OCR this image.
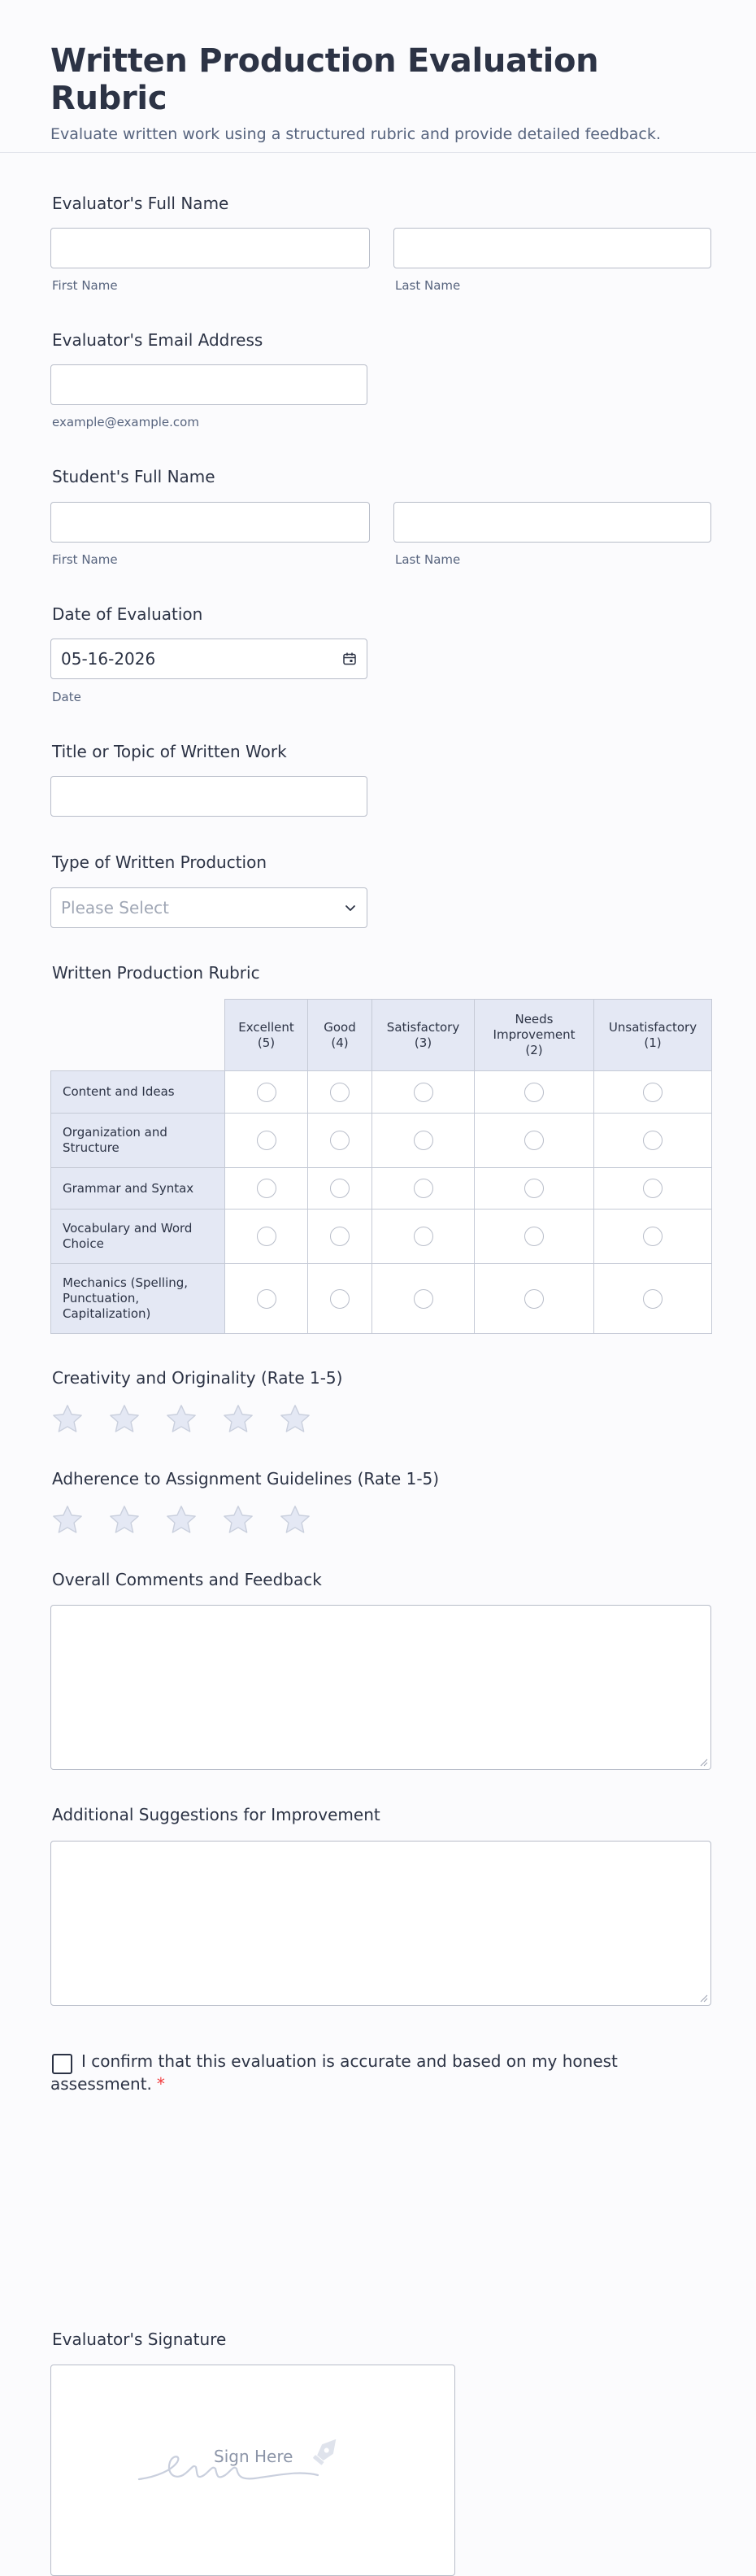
Written Production Evaluation Rubric
Evaluate written work using a structured rubric and provide detailed feedback.
Evaluator's Full Name
First Name	Last Name
Evaluator's Email Address
example@example.com
Student's Full Name
First Name	Last Name
Date of Evaluation
05-16-2026
Date
Title or Topic of Written Work
Type of Written Production
Please Select
Written Production Rubric
	Excellent (5)	Good (4)	Satisfactory (3)	Needs Improvement (2)	Unsatisfactory (1)
Content and Ideas					
Organization and Structure					
Grammar and Syntax					
Vocabulary and Word Choice					
Mechanics (Spelling, Punctuation, Capitalization)					
Creativity and Originality (Rate 1-5)
Adherence to Assignment Guidelines (Rate 1-5)
Overall Comments and Feedback
Additional Suggestions for Improvement
I confirm that this evaluation is accurate and based on my honest assessment. *
Evaluator's Signature
Sign Here
